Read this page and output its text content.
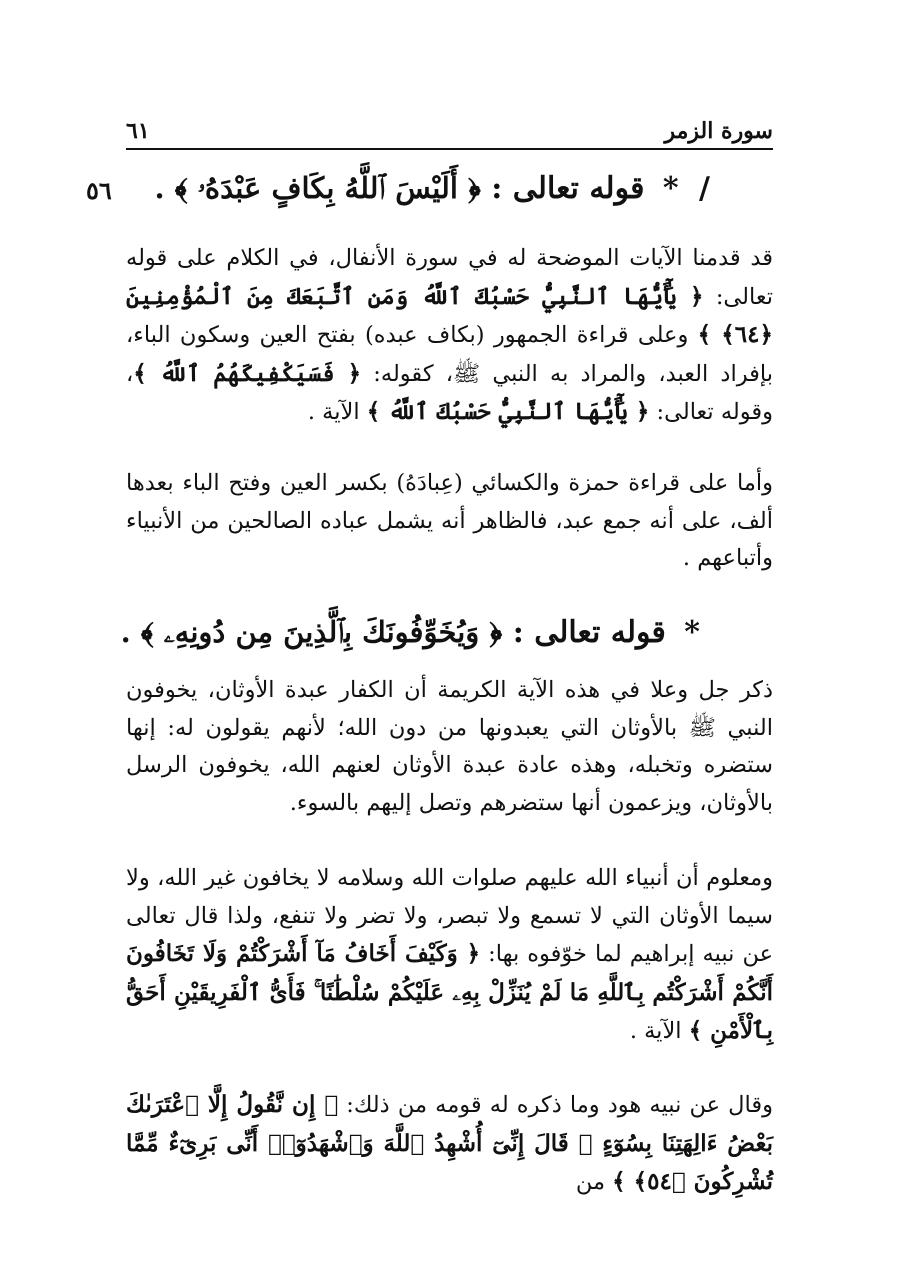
سورة الزمر
٦١
٥٦	/ * قوله تعالى : ﴿ أَلَيْسَ ٱللَّهُ بِكَافٍ عَبْدَهُۥ ﴾ .
قد قدمنا الآيات الموضحة له في سورة الأنفال، في الكلام على قوله تعالى: ﴿ يَٰٓأَيُّهَا ٱلنَّبِيُّ حَسْبُكَ ٱللَّهُ وَمَنِ ٱتَّبَعَكَ مِنَ ٱلْمُؤْمِنِينَ ﴿٦٤﴾ ﴾ وعلى قراءة الجمهور (بكاف عبده) بفتح العين وسكون الباء، بإفراد العبد، والمراد به النبي ﷺ، كقوله: ﴿ فَسَيَكْفِيكَهُمُ ٱللَّهُ ﴾، وقوله تعالى: ﴿ يَٰٓأَيُّهَا ٱلنَّبِيُّ حَسْبُكَ ٱللَّهُ ﴾ الآية .
وأما على قراءة حمزة والكسائي (عِبادَهُ) بكسر العين وفتح الباء بعدها ألف، على أنه جمع عبد، فالظاهر أنه يشمل عباده الصالحين من الأنبياء وأتباعهم .
* قوله تعالى : ﴿ وَيُخَوِّفُونَكَ بِٱلَّذِينَ مِن دُونِهِۦ ﴾ .
ذكر جل وعلا في هذه الآية الكريمة أن الكفار عبدة الأوثان، يخوفون النبي ﷺ بالأوثان التي يعبدونها من دون الله؛ لأنهم يقولون له: إنها ستضره وتخبله، وهذه عادة عبدة الأوثان لعنهم الله، يخوفون الرسل بالأوثان، ويزعمون أنها ستضرهم وتصل إليهم بالسوء.
ومعلوم أن أنبياء الله عليهم صلوات الله وسلامه لا يخافون غير الله، ولا سيما الأوثان التي لا تسمع ولا تبصر، ولا تضر ولا تنفع، ولذا قال تعالى عن نبيه إبراهيم لما خوّفوه بها: ﴿ وَكَيْفَ أَخَافُ مَآ أَشْرَكْتُمْ وَلَا تَخَافُونَ أَنَّكُمْ أَشْرَكْتُم بِٱللَّهِ مَا لَمْ يُنَزِّلْ بِهِۦ عَلَيْكُمْ سُلْطَٰنًا ۚ فَأَىُّ ٱلْفَرِيقَيْنِ أَحَقُّ بِٱلْأَمْنِ ﴾ الآية .
وقال عن نبيه هود وما ذكره له قومه من ذلك: ﴿ إِن نَّقُولُ إِلَّا ٱعْتَرَىٰكَ بَعْضُ ءَالِهَتِنَا بِسُوٓءٍ ۗ قَالَ إِنِّىٓ أُشْهِدُ ٱللَّهَ وَٱشْهَدُوٓا۟ أَنِّى بَرِىٓءٌ مِّمَّا تُشْرِكُونَ ﴿٥٤﴾ ﴾ من
